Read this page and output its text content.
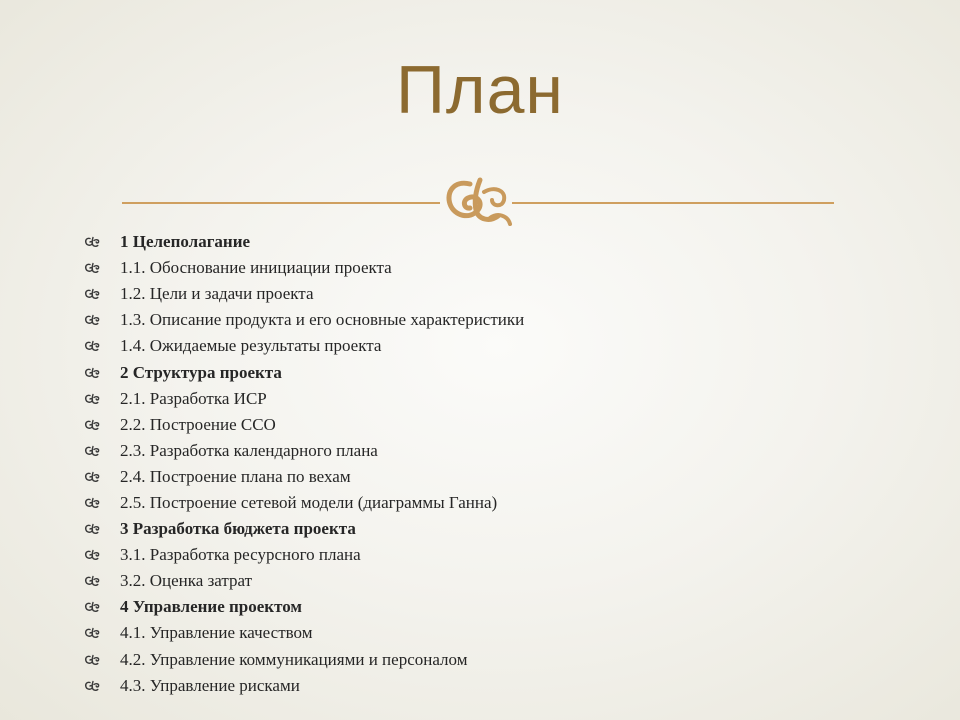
План
1 Целеполагание
1.1. Обоснование инициации проекта
1.2. Цели и задачи проекта
1.3. Описание продукта и его основные характеристики
1.4. Ожидаемые результаты проекта
2 Структура проекта
2.1. Разработка ИСР
2.2. Построение ССО
2.3. Разработка календарного плана
2.4. Построение плана по вехам
2.5. Построение сетевой модели (диаграммы Ганна)
3 Разработка бюджета проекта
3.1. Разработка ресурсного плана
3.2. Оценка затрат
4 Управление проектом
4.1. Управление качеством
4.2. Управление коммуникациями и персоналом
4.3. Управление рисками
